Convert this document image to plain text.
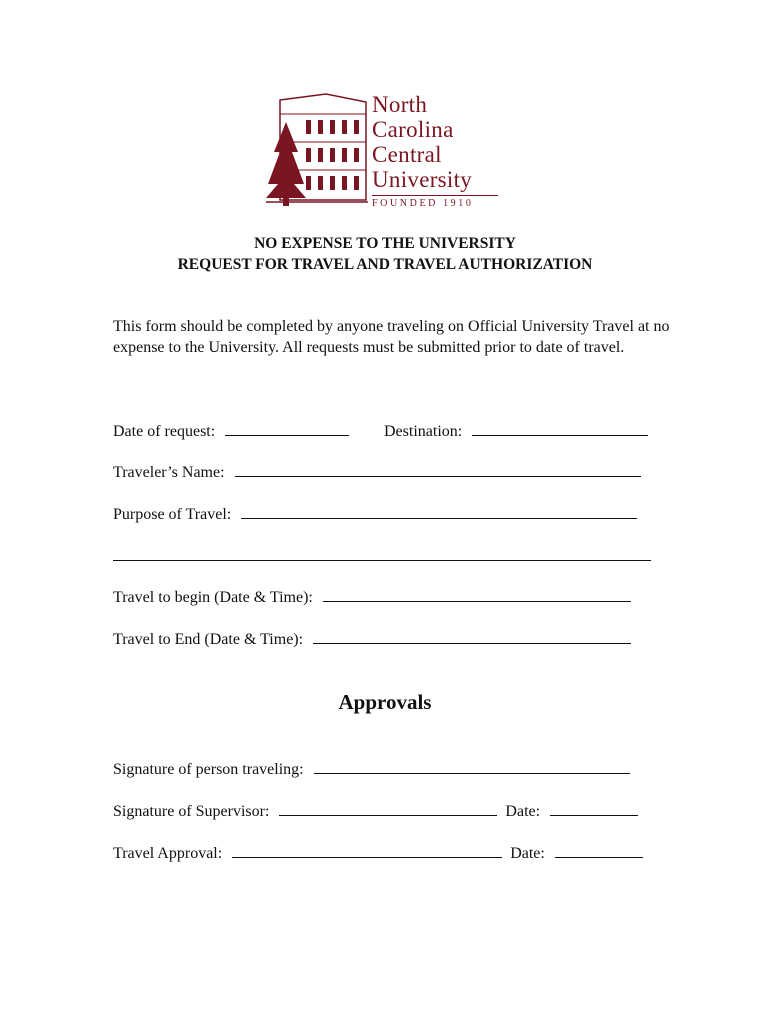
North
Carolina
Central
University
FOUNDED 1910
NO EXPENSE TO THE UNIVERSITY
REQUEST FOR TRAVEL AND TRAVEL AUTHORIZATION
This form should be completed by anyone traveling on Official University Travel at no expense to the University. All requests must be submitted prior to date of travel.
Date of request:	Destination:
Traveler’s Name:
Purpose of Travel:
Travel to begin (Date & Time):
Travel to End (Date & Time):
Approvals
Signature of person traveling:
Signature of Supervisor:	Date:
Travel Approval:	Date:
